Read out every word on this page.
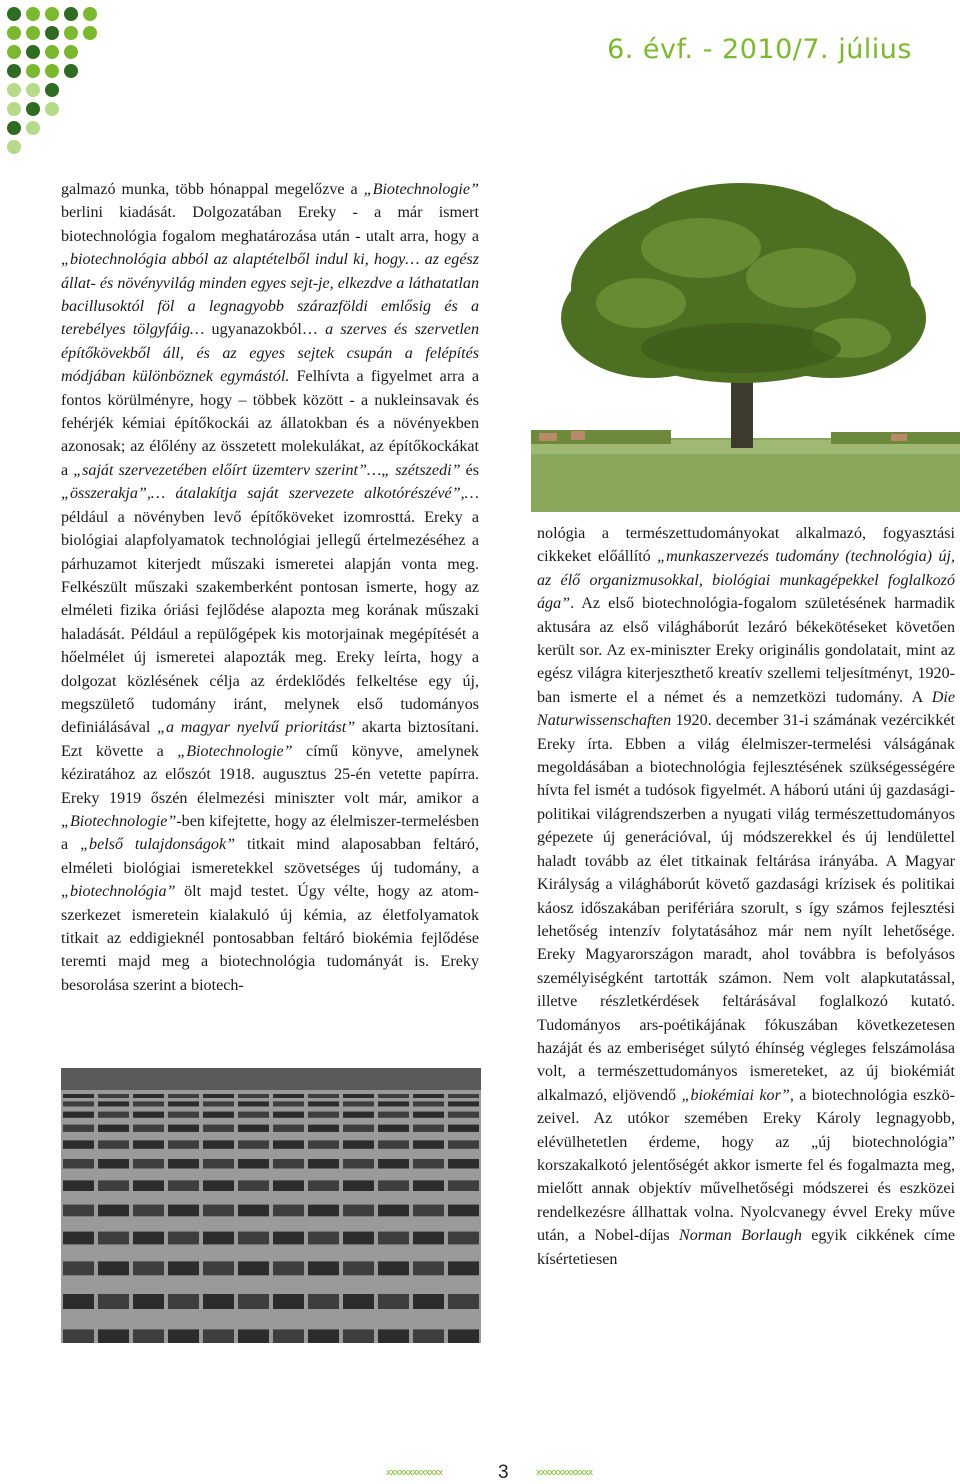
6. évf. - 2010/7. július

galmazó munka, több hónappal megelőzve a „Biotechnologie” berlini kiadását. Dolgozatában Ereky - a már ismert biotechnológia fogalom meghatározása után - utalt arra, hogy a „biotechnológia abból az alaptételből indul ki, hogy… az egész állat- és növényvilág minden egyes sejt-je, elkezdve a láthatatlan bacillusoktól föl a legnagyobb szárazföldi emlősig és a terebélyes tölgyfáig… ugyanazokból… a szerves és szervetlen építőkövekből áll, és az egyes sejtek csupán a felépítés módjában különböznek egymástól. Felhívta a figyelmet arra a fontos körülményre, hogy – többek között - a nukleinsavak és fehérjék kémiai építőkockái az állatokban és a növényekben azonosak; az élőlény az összetett molekulákat, az építőkockákat a „saját szervezetében előírt üzemterv szerint”…„ szétszedi” és „összerakja”,… átalakítja saját szervezete alkotórészévé”,… például a növényben levő építőköveket izomrosttá. Ereky a biológiai alapfolyamatok technológiai jellegű értelmezéséhez a párhuzamot kiterjedt műszaki ismeretei alapján vonta meg. Felkészült műszaki szakemberként pontosan ismerte, hogy az elméleti fizika óriási fejlődése alapozta meg korának műszaki haladását. Például a repülőgépek kis motorjainak megépítését a hőelmélet új ismeretei alapozták meg. Ereky leírta, hogy a dolgozat közlésének célja az érdeklődés felkeltése egy új, megszülető tudomány iránt, melynek első tudományos definiálásával „a magyar nyelvű prioritást” akarta biztosítani. Ezt követte a „Biotechnologie” című könyve, amelynek kéziratához az előszót 1918. augusztus 25-én vetette papírra. Ereky 1919 őszén élelmezési miniszter volt már, amikor a „Biotechnologie”-ben kifejtette, hogy az élelmiszer-termelésben a „belső tulajdonságok” titkait mind alaposabban feltáró, elméleti biológiai ismeretekkel szövetséges új tudomány, a „biotechnológia” ölt majd testet. Úgy vélte, hogy az atomszerkezet ismeretein kialakuló új kémia, az életfolyamatok titkait az eddigieknél pontosabban feltáró biokémia fejlődése teremti majd meg a biotechnológia tudományát is. Ereky besorolása szerint a biotech-

nológia a természettudományokat alkalmazó, fogyasztási cikkeket előállító „munkaszervezés tudomány (technológia) új, az élő organizmusokkal, biológiai munkagépekkel foglalkozó ága”. Az első biotechnológia-fogalom születésének harmadik aktusára az első világháborút lezáró békekötéseket követően került sor. Az ex-miniszter Ereky originális gondolatait, mint az egész világra kiterjeszthető kreatív szellemi teljesítményt, 1920-ban ismerte el a német és a nemzetközi tudomány. A Die Naturwissenschaften 1920. december 31-i számának vezércikkét Ereky írta. Ebben a világ élelmiszer-termelési válságának megoldásában a biotechnológia fejlesztésének szükségességére hívta fel ismét a tudósok figyelmét. A háború utáni új gazdasági-politikai világrendszerben a nyugati világ természettudományos gépezete új generációval, új módszerekkel és új lendülettel haladt tovább az élet titkainak feltárása irányába. A Magyar Királyság a világháborút követő gazdasági krízisek és politikai káosz időszakában perifériára szorult, s így számos fejlesztési lehetőség intenzív folytatásához már nem nyílt lehetősége. Ereky Magyarországon maradt, ahol továbbra is befolyásos személyiségként tartották számon. Nem volt alapkutatással, illetve részletkérdések feltárásával foglalkozó kutató. Tudományos ars-poétikájának fókuszában következetesen hazáját és az emberiséget súlytó éhínség végleges felszámolása volt, a természettudományos ismereteket, az új biokémiát alkalmazó, eljövendő „biokémiai kor”, a biotechnológia eszközeivel. Az utókor szemében Ereky Károly legnagyobb, elévülhetetlen érdeme, hogy az „új biotechnológia” korszakalkotó jelentőségét akkor ismerte fel és fogalmazta meg, mielőtt annak objektív művelhetőségi módszerei és eszközei rendelkezésre állhattak volna. Nyolcvanegy évvel Ereky műve után, a Nobel-díjas Norman Borlaugh egyik cikkének címe kísértetiesen

xxxxxxxxxxxxx	3	xxxxxxxxxxxxx
